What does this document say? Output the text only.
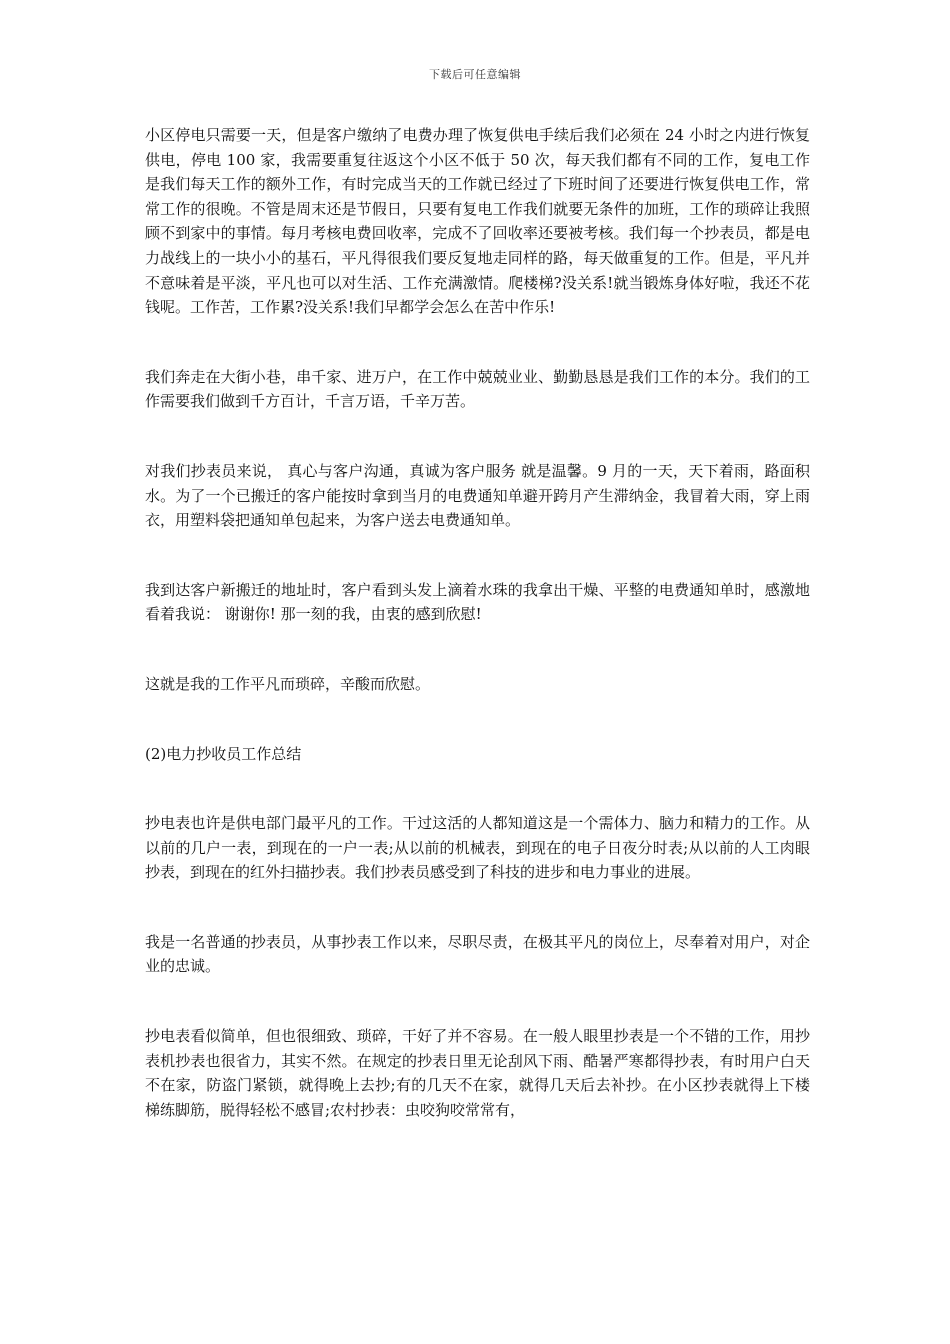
下载后可任意编辑

小区停电只需要一天，但是客户缴纳了电费办理了恢复供电手续后我们必须在 24 小时之内进行恢复供电，停电 100 家，我需要重复往返这个小区不低于 50 次，每天我们都有不同的工作，复电工作是我们每天工作的额外工作，有时完成当天的工作就已经过了下班时间了还要进行恢复供电工作，常常工作的很晚。不管是周末还是节假日，只要有复电工作我们就要无条件的加班，工作的琐碎让我照顾不到家中的事情。每月考核电费回收率，完成不了回收率还要被考核。我们每一个抄表员，都是电力战线上的一块小小的基石，平凡得很我们要反复地走同样的路，每天做重复的工作。但是，平凡并不意味着是平淡，平凡也可以对生活、工作充满激情。爬楼梯?没关系!就当锻炼身体好啦，我还不花钱呢。工作苦，工作累?没关系!我们早都学会怎么在苦中作乐!

我们奔走在大街小巷，串千家、进万户，在工作中兢兢业业、勤勤恳恳是我们工作的本分。我们的工作需要我们做到千方百计，千言万语，千辛万苦。

对我们抄表员来说， 真心与客户沟通，真诚为客户服务 就是温馨。9 月的一天，天下着雨，路面积水。为了一个已搬迁的客户能按时拿到当月的电费通知单避开跨月产生滞纳金，我冒着大雨，穿上雨衣，用塑料袋把通知单包起来，为客户送去电费通知单。

我到达客户新搬迁的地址时，客户看到头发上滴着水珠的我拿出干燥、平整的电费通知单时，感激地看着我说： 谢谢你! 那一刻的我，由衷的感到欣慰!

这就是我的工作平凡而琐碎，辛酸而欣慰。

(2)电力抄收员工作总结

抄电表也许是供电部门最平凡的工作。干过这活的人都知道这是一个需体力、脑力和精力的工作。从以前的几户一表，到现在的一户一表;从以前的机械表，到现在的电子日夜分时表;从以前的人工肉眼抄表，到现在的红外扫描抄表。我们抄表员感受到了科技的进步和电力事业的进展。

我是一名普通的抄表员，从事抄表工作以来，尽职尽责，在极其平凡的岗位上，尽奉着对用户，对企业的忠诚。

抄电表看似简单，但也很细致、琐碎，干好了并不容易。在一般人眼里抄表是一个不错的工作，用抄表机抄表也很省力，其实不然。在规定的抄表日里无论刮风下雨、酷暑严寒都得抄表，有时用户白天不在家，防盗门紧锁，就得晚上去抄;有的几天不在家，就得几天后去补抄。在小区抄表就得上下楼梯练脚筋，脱得轻松不感冒;农村抄表：虫咬狗咬常常有，
